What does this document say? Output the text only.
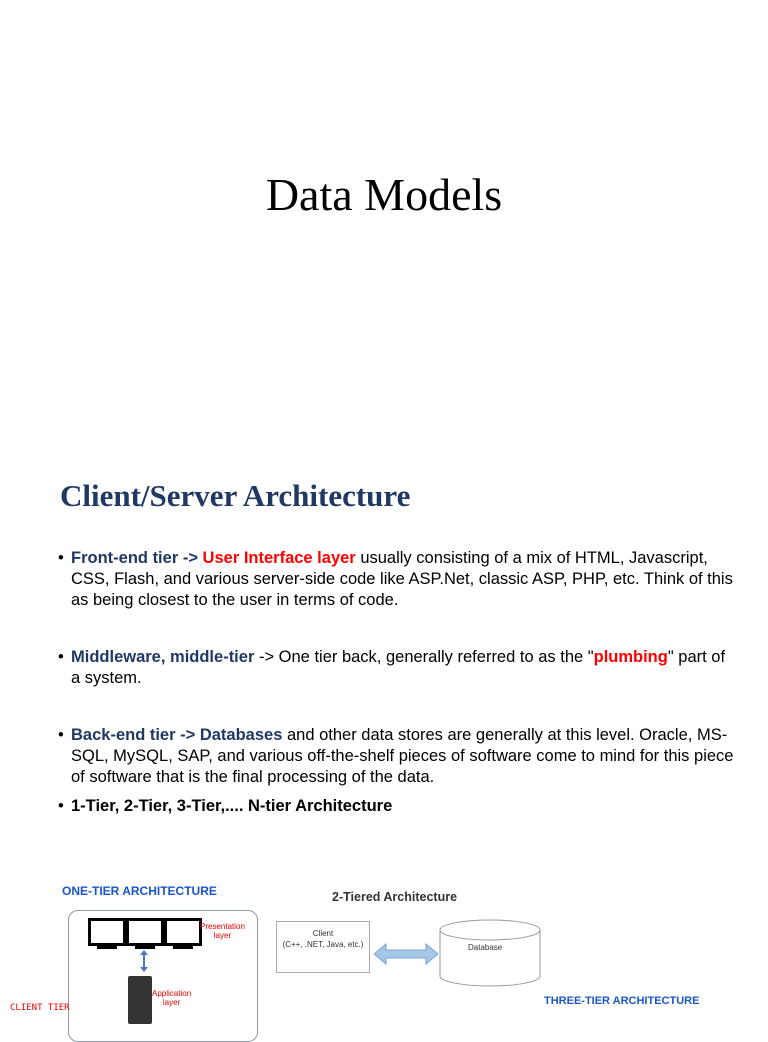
Data Models
Client/Server Architecture
• Front-end tier -> User Interface layer usually consisting of a mix of HTML, Javascript, CSS, Flash, and various server-side code like ASP.Net, classic ASP, PHP, etc. Think of this as being closest to the user in terms of code.
• Middleware, middle-tier -> One tier back, generally referred to as the "plumbing" part of a system.
• Back-end tier -> Databases and other data stores are generally at this level. Oracle, MS-SQL, MySQL, SAP, and various off-the-shelf pieces of software come to mind for this piece of software that is the final processing of the data.
• 1-Tier, 2-Tier, 3-Tier,.... N-tier Architecture
ONE-TIER ARCHITECTURE
Presentation
layer
Application
layer
CLIENT TIER
2-Tiered Architecture
Client
(C++, .NET, Java, etc.)	Database
THREE-TIER ARCHITECTURE
